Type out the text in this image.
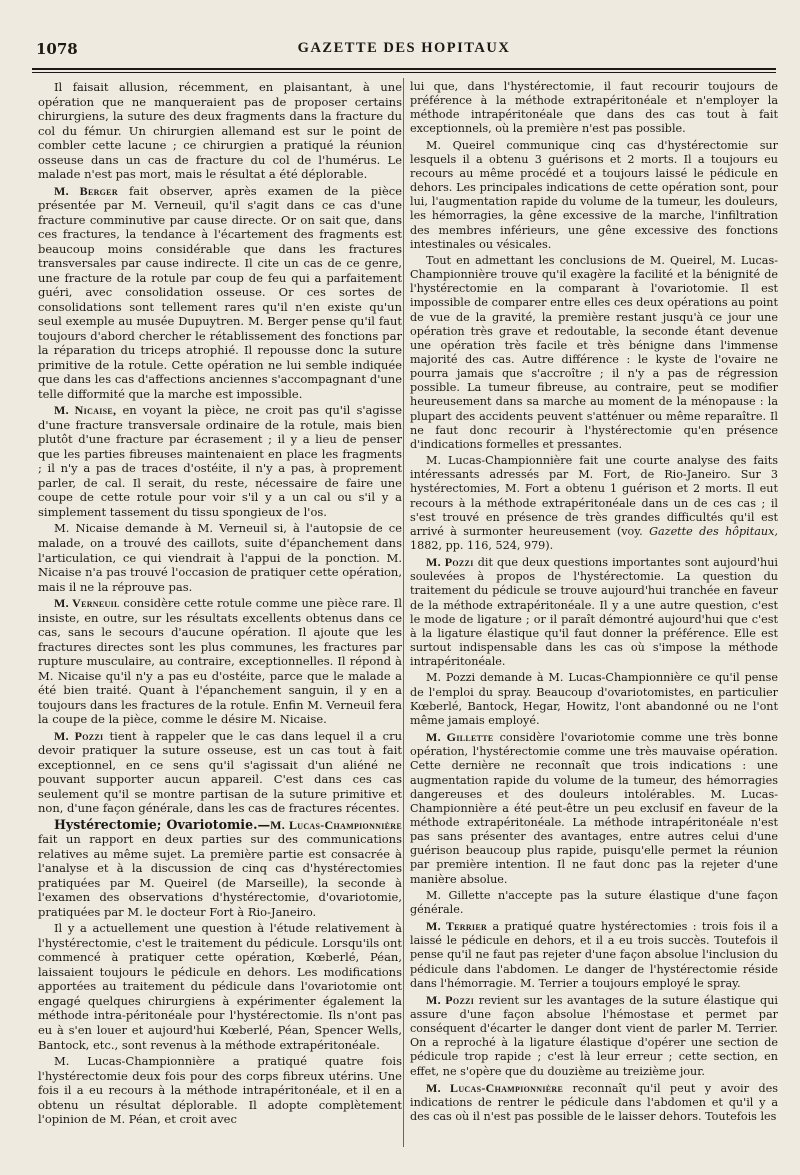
1078	GAZETTE DES HOPITAUX

Il faisait allusion, récemment, en plaisantant, à une opération que ne manqueraient pas de proposer certains chirurgiens, la suture des deux fragments dans la fracture du col du fémur. Un chirurgien allemand est sur le point de combler cette lacune ; ce chirurgien a pratiqué la réunion osseuse dans un cas de fracture du col de l'humérus. Le malade n'est pas mort, mais le résultat a été déplorable.

M. Berger fait observer, après examen de la pièce présentée par M. Verneuil, qu'il s'agit dans ce cas d'une fracture comminutive par cause directe. Or on sait que, dans ces fractures, la tendance à l'écartement des fragments est beaucoup moins considérable que dans les fractures transversales par cause indirecte. Il cite un cas de ce genre, une fracture de la rotule par coup de feu qui a parfaitement guéri, avec consolidation osseuse. Or ces sortes de consolidations sont tellement rares qu'il n'en existe qu'un seul exemple au musée Dupuytren. M. Berger pense qu'il faut toujours d'abord chercher le rétablissement des fonctions par la réparation du triceps atrophié. Il repousse donc la suture primitive de la rotule. Cette opération ne lui semble indiquée que dans les cas d'affections anciennes s'accompagnant d'une telle difformité que la marche est impossible.

M. Nicaise, en voyant la pièce, ne croit pas qu'il s'agisse d'une fracture transversale ordinaire de la rotule, mais bien plutôt d'une fracture par écrasement ; il y a lieu de penser que les parties fibreuses maintenaient en place les fragments ; il n'y a pas de traces d'ostéite, il n'y a pas, à proprement parler, de cal. Il serait, du reste, nécessaire de faire une coupe de cette rotule pour voir s'il y a un cal ou s'il y a simplement tassement du tissu spongieux de l'os.

M. Nicaise demande à M. Verneuil si, à l'autopsie de ce malade, on a trouvé des caillots, suite d'épanchement dans l'articulation, ce qui viendrait à l'appui de la ponction. M. Nicaise n'a pas trouvé l'occasion de pratiquer cette opération, mais il ne la réprouve pas.

M. Verneuil considère cette rotule comme une pièce rare. Il insiste, en outre, sur les résultats excellents obtenus dans ce cas, sans le secours d'aucune opération. Il ajoute que les fractures directes sont les plus communes, les fractures par rupture musculaire, au contraire, exceptionnelles. Il répond à M. Nicaise qu'il n'y a pas eu d'ostéite, parce que le malade a été bien traité. Quant à l'épanchement sanguin, il y en a toujours dans les fractures de la rotule. Enfin M. Verneuil fera la coupe de la pièce, comme le désire M. Nicaise.

M. Pozzi tient à rappeler que le cas dans lequel il a cru devoir pratiquer la suture osseuse, est un cas tout à fait exceptionnel, en ce sens qu'il s'agissait d'un aliéné ne pouvant supporter aucun appareil. C'est dans ces cas seulement qu'il se montre partisan de la suture primitive et non, d'une façon générale, dans les cas de fractures récentes.

Hystérectomie; Ovariotomie.—M. Lucas-Championnière fait un rapport en deux parties sur des communications relatives au même sujet. La première partie est consacrée à l'analyse et à la discussion de cinq cas d'hystérectomies pratiquées par M. Queirel (de Marseille), la seconde à l'examen des observations d'hystérectomie, d'ovariotomie, pratiquées par M. le docteur Fort à Rio-Janeiro.

Il y a actuellement une question à l'étude relativement à l'hystérectomie, c'est le traitement du pédicule. Lorsqu'ils ont commencé à pratiquer cette opération, Kœberlé, Péan, laissaient toujours le pédicule en dehors. Les modifications apportées au traitement du pédicule dans l'ovariotomie ont engagé quelques chirurgiens à expérimenter également la méthode intra-péritonéale pour l'hystérectomie. Ils n'ont pas eu à s'en louer et aujourd'hui Kœberlé, Péan, Spencer Wells, Bantock, etc., sont revenus à la méthode extrapéritonéale.

M. Lucas-Championnière a pratiqué quatre fois l'hystérectomie deux fois pour des corps fibreux utérins. Une fois il a eu recours à la méthode intrapéritonéale, et il en a obtenu un résultat déplorable. Il adopte complètement l'opinion de M. Péan, et croit avec

lui que, dans l'hystérectomie, il faut recourir toujours de préférence à la méthode extrapéritonéale et n'employer la méthode intrapéritonéale que dans des cas tout à fait exceptionnels, où la première n'est pas possible.

M. Queirel communique cinq cas d'hystérectomie sur lesquels il a obtenu 3 guérisons et 2 morts. Il a toujours eu recours au même procédé et a toujours laissé le pédicule en dehors. Les principales indications de cette opération sont, pour lui, l'augmentation rapide du volume de la tumeur, les douleurs, les hémorragies, la gêne excessive de la marche, l'infiltration des membres inférieurs, une gêne excessive des fonctions intestinales ou vésicales.

Tout en admettant les conclusions de M. Queirel, M. Lucas-Championnière trouve qu'il exagère la facilité et la bénignité de l'hystérectomie en la comparant à l'ovariotomie. Il est impossible de comparer entre elles ces deux opérations au point de vue de la gravité, la première restant jusqu'à ce jour une opération très grave et redoutable, la seconde étant devenue une opération très facile et très bénigne dans l'immense majorité des cas. Autre différence : le kyste de l'ovaire ne pourra jamais que s'accroître ; il n'y a pas de régression possible. La tumeur fibreuse, au contraire, peut se modifier heureusement dans sa marche au moment de la ménopause : la plupart des accidents peuvent s'atténuer ou même reparaître. Il ne faut donc recourir à l'hystérectomie qu'en présence d'indications formelles et pressantes.

M. Lucas-Championnière fait une courte analyse des faits intéressants adressés par M. Fort, de Rio-Janeiro. Sur 3 hystérectomies, M. Fort a obtenu 1 guérison et 2 morts. Il eut recours à la méthode extrapéritonéale dans un de ces cas ; il s'est trouvé en présence de très grandes difficultés qu'il est arrivé à surmonter heureusement (voy. Gazette des hôpitaux, 1882, pp. 116, 524, 979).

M. Pozzi dit que deux questions importantes sont aujourd'hui soulevées à propos de l'hystérectomie. La question du traitement du pédicule se trouve aujourd'hui tranchée en faveur de la méthode extrapéritonéale. Il y a une autre question, c'est le mode de ligature ; or il paraît démontré aujourd'hui que c'est à la ligature élastique qu'il faut donner la préférence. Elle est surtout indispensable dans les cas où s'impose la méthode intrapéritonéale.

M. Pozzi demande à M. Lucas-Championnière ce qu'il pense de l'emploi du spray. Beaucoup d'ovariotomistes, en particulier Kœberlé, Bantock, Hegar, Howitz, l'ont abandonné ou ne l'ont même jamais employé.

M. Gillette considère l'ovariotomie comme une très bonne opération, l'hystérectomie comme une très mauvaise opération. Cette dernière ne reconnaît que trois indications : une augmentation rapide du volume de la tumeur, des hémorragies dangereuses et des douleurs intolérables. M. Lucas-Championnière a été peut-être un peu exclusif en faveur de la méthode extrapéritonéale. La méthode intrapéritonéale n'est pas sans présenter des avantages, entre autres celui d'une guérison beaucoup plus rapide, puisqu'elle permet la réunion par première intention. Il ne faut donc pas la rejeter d'une manière absolue.

M. Gillette n'accepte pas la suture élastique d'une façon générale.

M. Terrier a pratiqué quatre hystérectomies : trois fois il a laissé le pédicule en dehors, et il a eu trois succès. Toutefois il pense qu'il ne faut pas rejeter d'une façon absolue l'inclusion du pédicule dans l'abdomen. Le danger de l'hystérectomie réside dans l'hémorragie. M. Terrier a toujours employé le spray.

M. Pozzi revient sur les avantages de la suture élastique qui assure d'une façon absolue l'hémostase et permet par conséquent d'écarter le danger dont vient de parler M. Terrier. On a reproché à la ligature élastique d'opérer une section de pédicule trop rapide ; c'est là leur erreur ; cette section, en effet, ne s'opère que du douzième au treizième jour.

M. Lucas-Championnière reconnaît qu'il peut y avoir des indications de rentrer le pédicule dans l'abdomen et qu'il y a des cas où il n'est pas possible de le laisser dehors. Toutefois les
